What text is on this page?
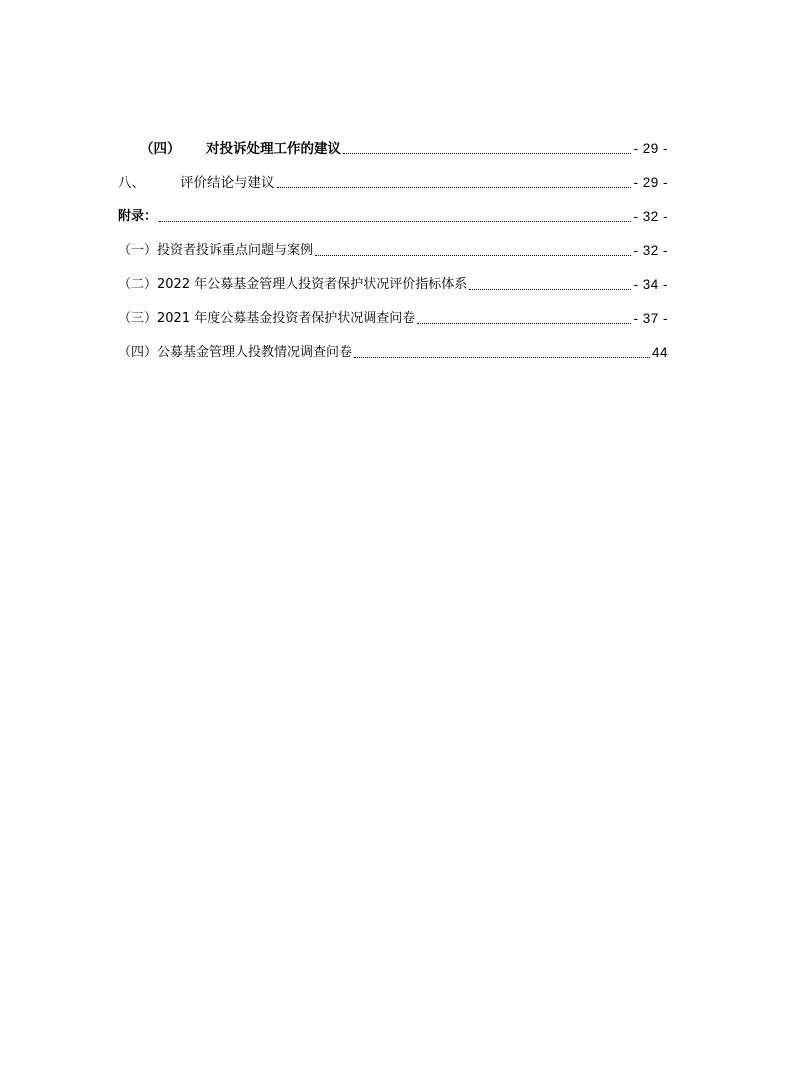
（四）	对投诉处理工作的建议	- 29 -
八、	评价结论与建议	- 29 -
附录：	- 32 -
（一） 投资者投诉重点问题与案例	- 32 -
（二） 2022 年公募基金管理人投资者保护状况评价指标体系	- 34 -
（三） 2021 年度公募基金投资者保护状况调查问卷	- 37 -
（四） 公募基金管理人投教情况调查问卷	44
